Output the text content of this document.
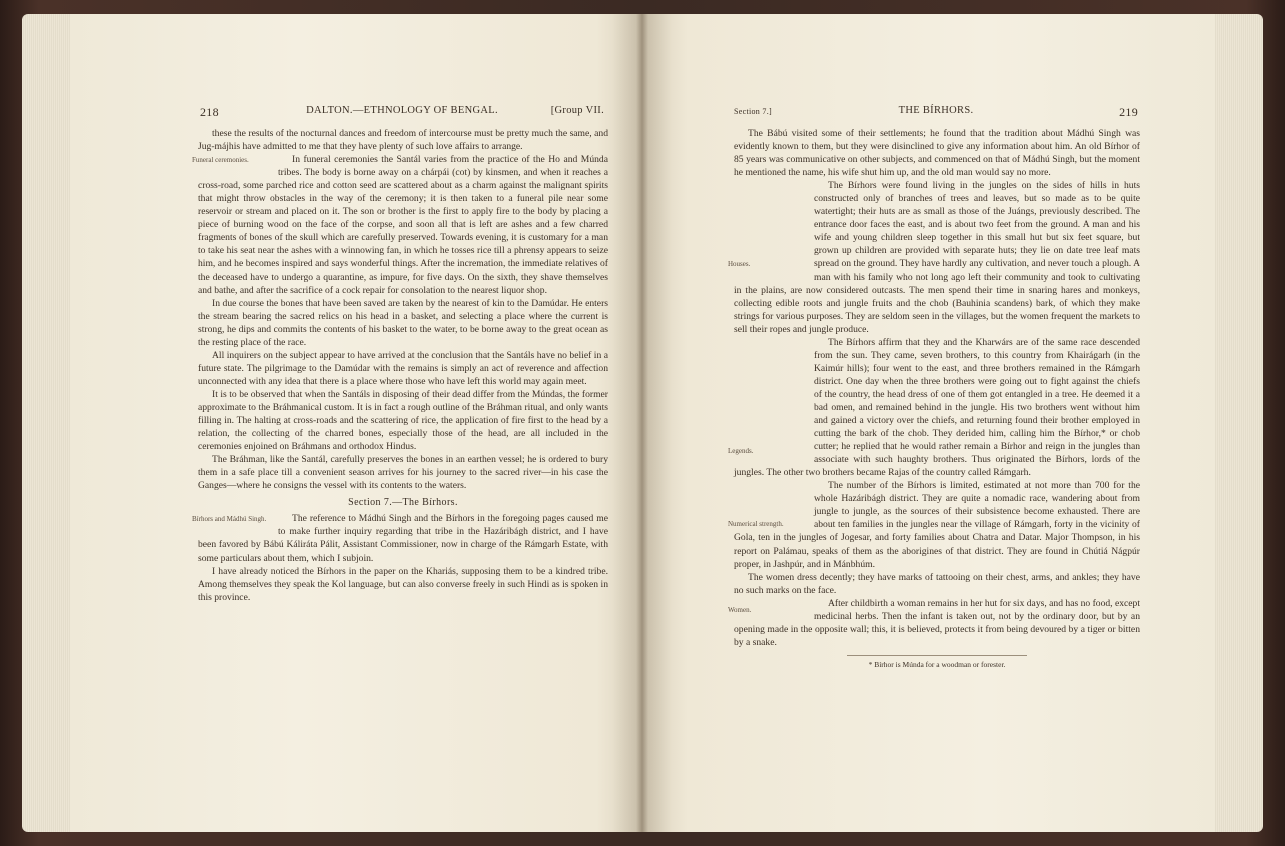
218	DALTON.—ETHNOLOGY OF BENGAL.	[Group VII.

these the results of the nocturnal dances and freedom of intercourse must be pretty much the same, and Jug-májhis have admitted to me that they have plenty of such love affairs to arrange.

Funeral ceremonies.	In funeral ceremonies the Santál varies from the practice of the Ho and Múnda tribes. The body is borne away on a chárpái (cot) by kinsmen, and when it reaches a cross-road, some parched rice and cotton seed are scattered about as a charm against the malignant spirits that might throw obstacles in the way of the ceremony; it is then taken to a funeral pile near some reservoir or stream and placed on it. The son or brother is the first to apply fire to the body by placing a piece of burning wood on the face of the corpse, and soon all that is left are ashes and a few charred fragments of bones of the skull which are carefully preserved. Towards evening, it is customary for a man to take his seat near the ashes with a winnowing fan, in which he tosses rice till a phrensy appears to seize him, and he becomes inspired and says wonderful things. After the incremation, the immediate relatives of the deceased have to undergo a quarantine, as impure, for five days. On the sixth, they shave themselves and bathe, and after the sacrifice of a cock repair for consolation to the nearest liquor shop.

In due course the bones that have been saved are taken by the nearest of kin to the Damúdar. He enters the stream bearing the sacred relics on his head in a basket, and selecting a place where the current is strong, he dips and commits the contents of his basket to the water, to be borne away to the great ocean as the resting place of the race.

All inquirers on the subject appear to have arrived at the conclusion that the Santáls have no belief in a future state. The pilgrimage to the Damúdar with the remains is simply an act of reverence and affection unconnected with any idea that there is a place where those who have left this world may again meet.

It is to be observed that when the Santáls in disposing of their dead differ from the Múndas, the former approximate to the Bráhmanical custom. It is in fact a rough outline of the Bráhman ritual, and only wants filling in. The halting at cross-roads and the scattering of rice, the application of fire first to the head by a relation, the collecting of the charred bones, especially those of the head, are all included in the ceremonies enjoined on Bráhmans and orthodox Hindus.

The Bráhman, like the Santál, carefully preserves the bones in an earthen vessel; he is ordered to bury them in a safe place till a convenient season arrives for his journey to the sacred river—in his case the Ganges—where he consigns the vessel with its contents to the waters.

Section 7.—The Bírhors.
Bírhors and Mádhú Singh.	The reference to Mádhú Singh and the Bírhors in the foregoing pages caused me to make further inquiry regarding that tribe in the Hazáribágh district, and I have been favored by Bábú Káliráta Pálit, Assistant Commissioner, now in charge of the Rámgarh Estate, with some particulars about them, which I subjoin.

I have already noticed the Bírhors in the paper on the Khariás, supposing them to be a kindred tribe. Among themselves they speak the Kol language, but can also converse freely in such Hindi as is spoken in this province.

Section 7.]	THE BÍRHORS.	219

The Bábú visited some of their settlements; he found that the tradition about Mádhú Singh was evidently known to them, but they were disinclined to give any information about him. An old Bírhor of 85 years was communicative on other subjects, and commenced on that of Mádhú Singh, but the moment he mentioned the name, his wife shut him up, and the old man would say no more.

Houses.

The Bírhors were found living in the jungles on the sides of hills in huts constructed only of branches of trees and leaves, but so made as to be quite watertight; their huts are as small as those of the Juángs, previously described. The entrance door faces the east, and is about two feet from the ground. A man and his wife and young children sleep together in this small hut but six feet square, but grown up children are provided with separate huts; they lie on date tree leaf mats spread on the ground. They have hardly any cultivation, and never touch a plough. A man with his family who not long ago left their community and took to cultivating in the plains, are now considered outcasts. The men spend their time in snaring hares and monkeys, collecting edible roots and jungle fruits and the chob (Bauhinia scandens) bark, of which they make strings for various purposes. They are seldom seen in the villages, but the women frequent the markets to sell their ropes and jungle produce.

Legends.

The Bírhors affirm that they and the Kharwárs are of the same race descended from the sun. They came, seven brothers, to this country from Khairágarh (in the Kaimúr hills); four went to the east, and three brothers remained in the Rámgarh district. One day when the three brothers were going out to fight against the chiefs of the country, the head dress of one of them got entangled in a tree. He deemed it a bad omen, and remained behind in the jungle. His two brothers went without him and gained a victory over the chiefs, and returning found their brother employed in cutting the bark of the chob. They derided him, calling him the Bírhor,* or chob cutter; he replied that he would rather remain a Bírhor and reign in the jungles than associate with such haughty brothers. Thus originated the Bírhors, lords of the jungles. The other two brothers became Rajas of the country called Rámgarh.

Numerical strength.

The number of the Bírhors is limited, estimated at not more than 700 for the whole Hazáribágh district. They are quite a nomadic race, wandering about from jungle to jungle, as the sources of their subsistence become exhausted. There are about ten families in the jungles near the village of Rámgarh, forty in the vicinity of Gola, ten in the jungles of Jogesar, and forty families about Chatra and Datar. Major Thompson, in his report on Palámau, speaks of them as the aborigines of that district. They are found in Chútiá Nágpúr proper, in Jashpúr, and in Mánbhúm.

The women dress decently; they have marks of tattooing on their chest, arms, and ankles; they have no such marks on the face.

Women.

After childbirth a woman remains in her hut for six days, and has no food, except medicinal herbs. Then the infant is taken out, not by the ordinary door, but by an opening made in the opposite wall; this, it is believed, protects it from being devoured by a tiger or bitten by a snake.

* Bírhor is Múnda for a woodman or forester.
